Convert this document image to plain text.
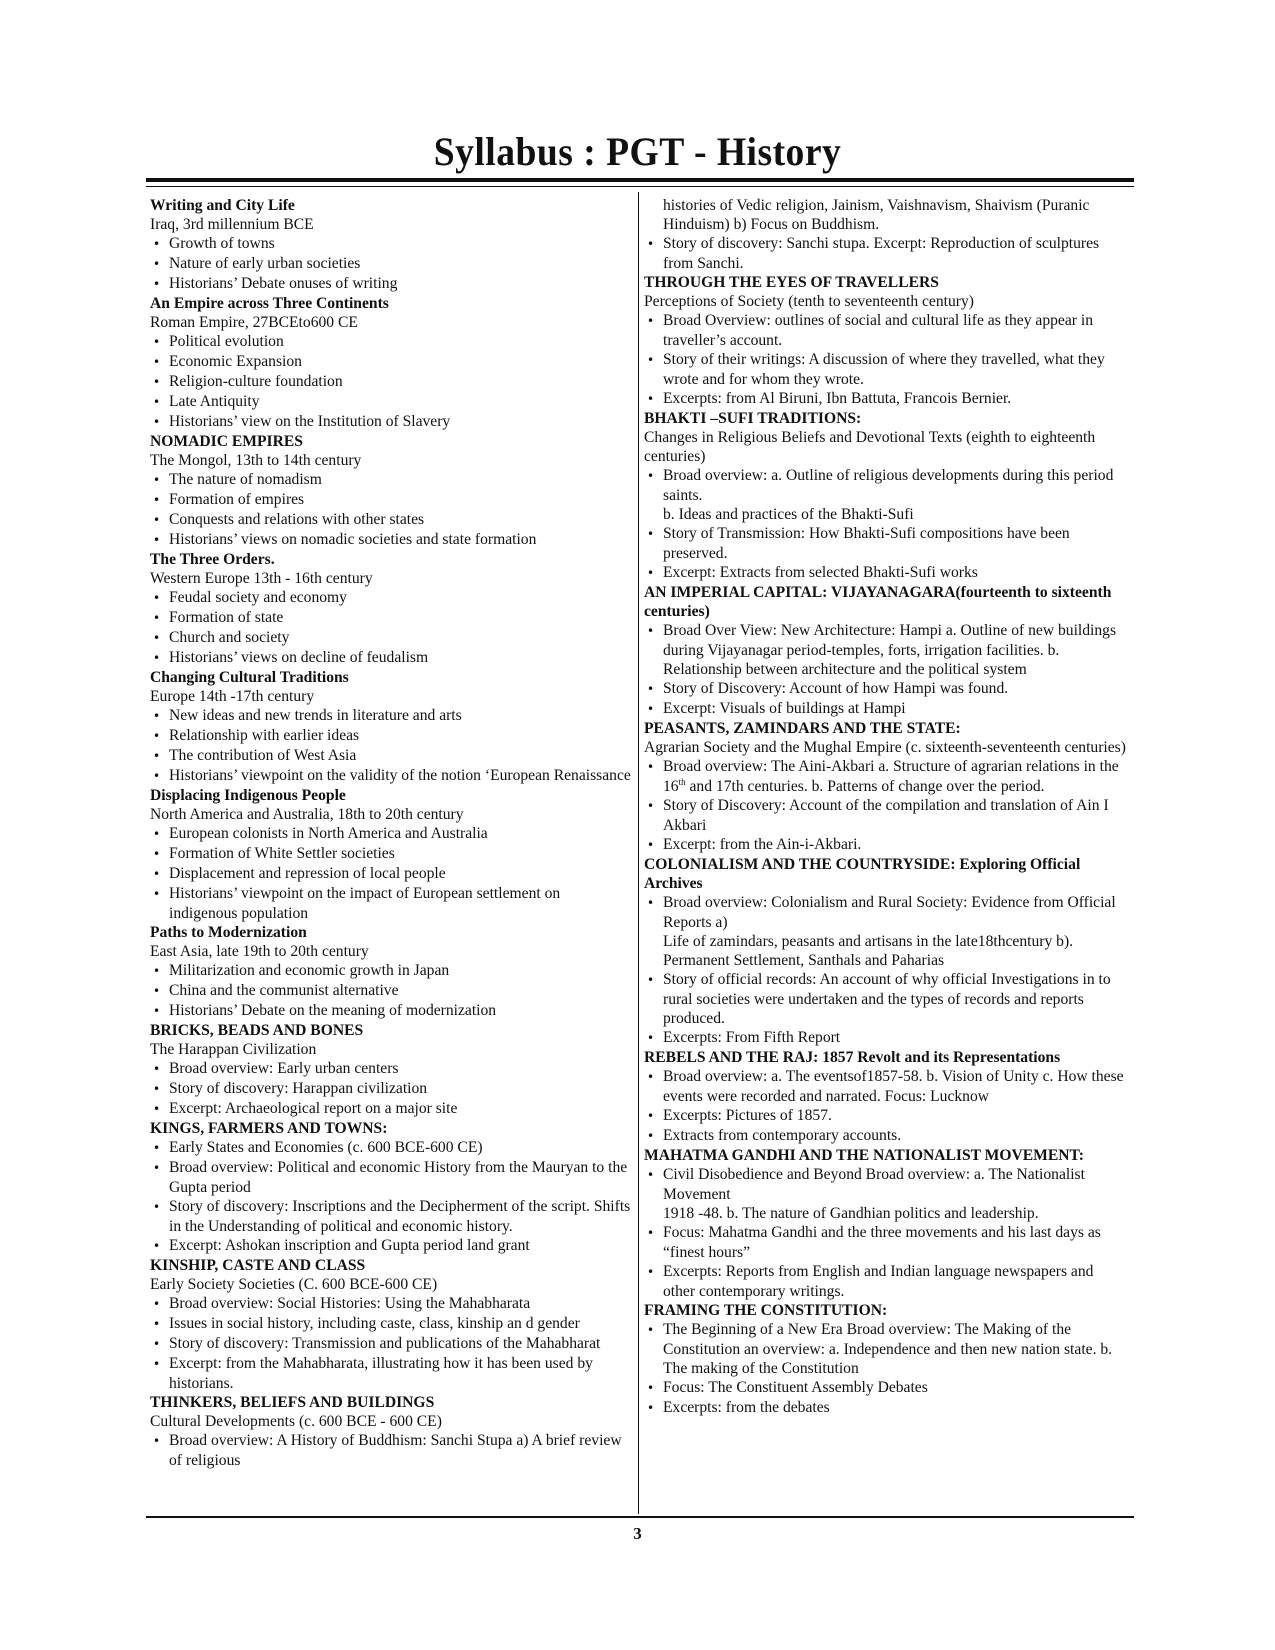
Syllabus : PGT - History

Writing and City Life

Iraq, 3rd millennium BCE

• Growth of towns

• Nature of early urban societies

• Historians’ Debate onuses of writing

An Empire across Three Continents

Roman Empire, 27BCEto600 CE

• Political evolution

• Economic Expansion

• Religion-culture foundation

• Late Antiquity

• Historians’ view on the Institution of Slavery

NOMADIC EMPIRES

The Mongol, 13th to 14th century

• The nature of nomadism

• Formation of empires

• Conquests and relations with other states

• Historians’ views on nomadic societies and state formation

The Three Orders.

Western Europe 13th - 16th century

• Feudal society and economy

• Formation of state

• Church and society

• Historians’ views on decline of feudalism

Changing Cultural Traditions

Europe 14th -17th century

• New ideas and new trends in literature and arts

• Relationship with earlier ideas

• The contribution of West Asia

• Historians’ viewpoint on the validity of the notion ‘European Renaissance

Displacing Indigenous People

North America and Australia, 18th to 20th century

• European colonists in North America and Australia

• Formation of White Settler societies

• Displacement and repression of local people

• Historians’ viewpoint on the impact of European settlement on indigenous population

Paths to Modernization

East Asia, late 19th to 20th century

• Militarization and economic growth in Japan

• China and the communist alternative

• Historians’ Debate on the meaning of modernization

BRICKS, BEADS AND BONES

The Harappan Civilization

• Broad overview: Early urban centers

• Story of discovery: Harappan civilization

• Excerpt: Archaeological report on a major site

KINGS, FARMERS AND TOWNS:

• Early States and Economies (c. 600 BCE-600 CE)

• Broad overview: Political and economic History from the Mauryan to the Gupta period

• Story of discovery: Inscriptions and the Decipherment of the script. Shifts in the Understanding of political and economic history.

• Excerpt: Ashokan inscription and Gupta period land grant

KINSHIP, CASTE AND CLASS

Early Society Societies (C. 600 BCE-600 CE)

• Broad overview: Social Histories: Using the Mahabharata

• Issues in social history, including caste, class, kinship an d gender

• Story of discovery: Transmission and publications of the Mahabharat

• Excerpt: from the Mahabharata, illustrating how it has been used by historians.

THINKERS, BELIEFS AND BUILDINGS

Cultural Developments (c. 600 BCE - 600 CE)

• Broad overview: A History of Buddhism: Sanchi Stupa a) A brief review of religious

histories of Vedic religion, Jainism, Vaishnavism, Shaivism (Puranic Hinduism) b) Focus on Buddhism.

• Story of discovery: Sanchi stupa. Excerpt: Reproduction of sculptures from Sanchi.

THROUGH THE EYES OF TRAVELLERS

Perceptions of Society (tenth to seventeenth century)

• Broad Overview: outlines of social and cultural life as they appear in traveller’s account.

• Story of their writings: A discussion of where they travelled, what they wrote and for whom they wrote.

• Excerpts: from Al Biruni, Ibn Battuta, Francois Bernier.

BHAKTI –SUFI TRADITIONS:

Changes in Religious Beliefs and Devotional Texts (eighth to eighteenth centuries)

• Broad overview: a. Outline of religious developments during this period saints.

b. Ideas and practices of the Bhakti-Sufi

• Story of Transmission: How Bhakti-Sufi compositions have been preserved.

• Excerpt: Extracts from selected Bhakti-Sufi works

AN IMPERIAL CAPITAL: VIJAYANAGARA(fourteenth to sixteenth centuries)

• Broad Over View: New Architecture: Hampi a. Outline of new buildings during Vijayanagar period-temples, forts, irrigation facilities. b. Relationship between architecture and the political system

• Story of Discovery: Account of how Hampi was found.

• Excerpt: Visuals of buildings at Hampi

PEASANTS, ZAMINDARS AND THE STATE:

Agrarian Society and the Mughal Empire (c. sixteenth-seventeenth centuries)

• Broad overview: The Aini-Akbari a. Structure of agrarian relations in the 16th and 17th centuries. b. Patterns of change over the period.

• Story of Discovery: Account of the compilation and translation of Ain I Akbari

• Excerpt: from the Ain-i-Akbari.

COLONIALISM AND THE COUNTRYSIDE: Exploring Official Archives

• Broad overview: Colonialism and Rural Society: Evidence from Official Reports a)

Life of zamindars, peasants and artisans in the late18thcentury b). Permanent Settlement, Santhals and Paharias

• Story of official records: An account of why official Investigations in to rural societies were undertaken and the types of records and reports produced.

• Excerpts: From Fifth Report

REBELS AND THE RAJ: 1857 Revolt and its Representations

• Broad overview: a. The eventsof1857-58. b. Vision of Unity c. How these events were recorded and narrated. Focus: Lucknow

• Excerpts: Pictures of 1857.

• Extracts from contemporary accounts.

MAHATMA GANDHI AND THE NATIONALIST MOVEMENT:

• Civil Disobedience and Beyond Broad overview: a. The Nationalist Movement

1918 -48. b. The nature of Gandhian politics and leadership.

• Focus: Mahatma Gandhi and the three movements and his last days as “finest hours”

• Excerpts: Reports from English and Indian language newspapers and other contemporary writings.

FRAMING THE CONSTITUTION:

• The Beginning of a New Era Broad overview: The Making of the Constitution an overview: a. Independence and then new nation state. b. The making of the Constitution

• Focus: The Constituent Assembly Debates

• Excerpts: from the debates

3
